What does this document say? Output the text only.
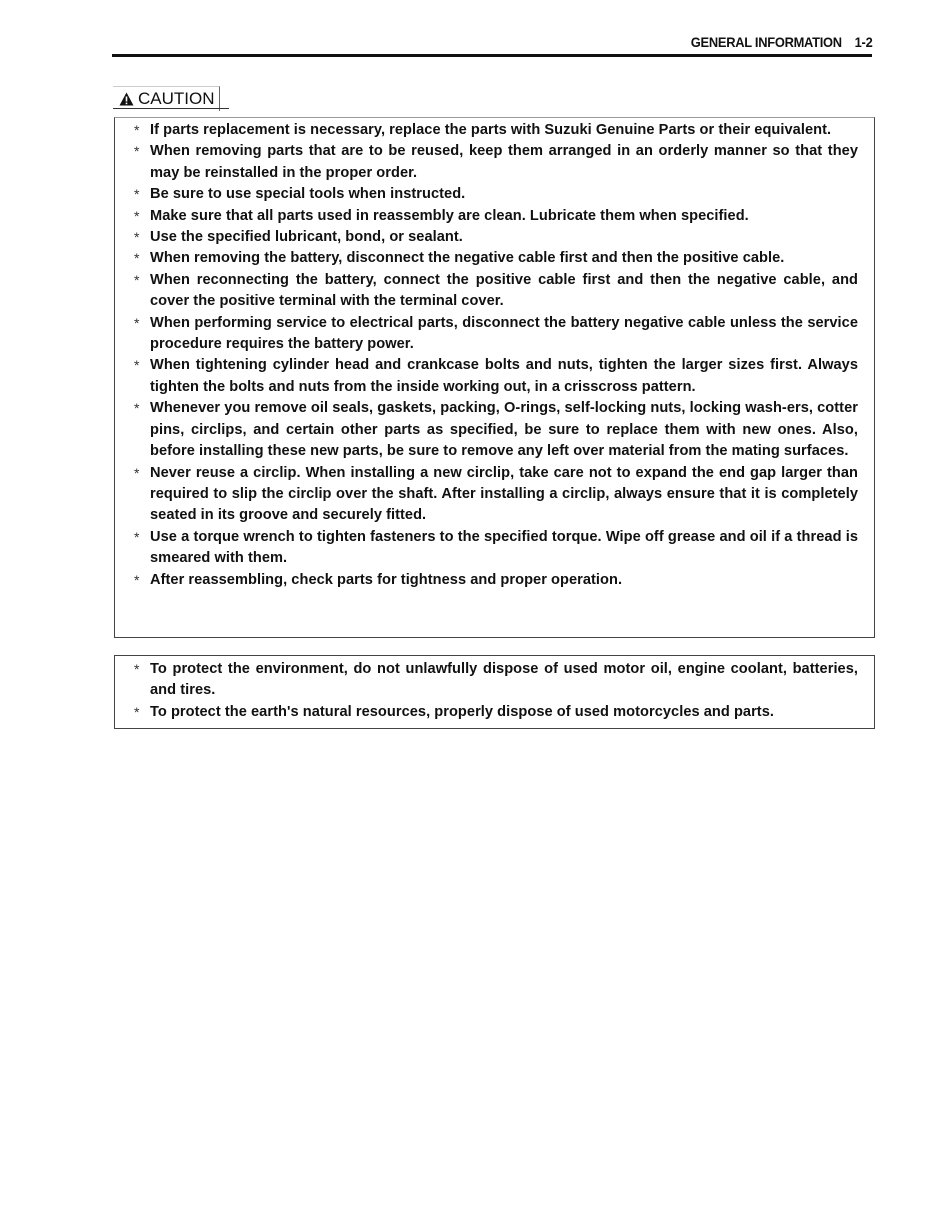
GENERAL INFORMATION 1-2
CAUTION
* If parts replacement is necessary, replace the parts with Suzuki Genuine Parts or their equivalent.
* When removing parts that are to be reused, keep them arranged in an orderly manner so that they may be reinstalled in the proper order.
* Be sure to use special tools when instructed.
* Make sure that all parts used in reassembly are clean. Lubricate them when specified.
* Use the specified lubricant, bond, or sealant.
* When removing the battery, disconnect the negative cable first and then the positive cable.
* When reconnecting the battery, connect the positive cable first and then the negative cable, and cover the positive terminal with the terminal cover.
* When performing service to electrical parts, disconnect the battery negative cable unless the service procedure requires the battery power.
* When tightening cylinder head and crankcase bolts and nuts, tighten the larger sizes first. Always tighten the bolts and nuts from the inside working out, in a crisscross pattern.
* Whenever you remove oil seals, gaskets, packing, O-rings, self-locking nuts, locking wash-ers, cotter pins, circlips, and certain other parts as specified, be sure to replace them with new ones. Also, before installing these new parts, be sure to remove any left over material from the mating surfaces.
* Never reuse a circlip. When installing a new circlip, take care not to expand the end gap larger than required to slip the circlip over the shaft. After installing a circlip, always ensure that it is completely seated in its groove and securely fitted.
* Use a torque wrench to tighten fasteners to the specified torque. Wipe off grease and oil if a thread is smeared with them.
* After reassembling, check parts for tightness and proper operation.
* To protect the environment, do not unlawfully dispose of used motor oil, engine coolant, batteries, and tires.
* To protect the earth's natural resources, properly dispose of used motorcycles and parts.
